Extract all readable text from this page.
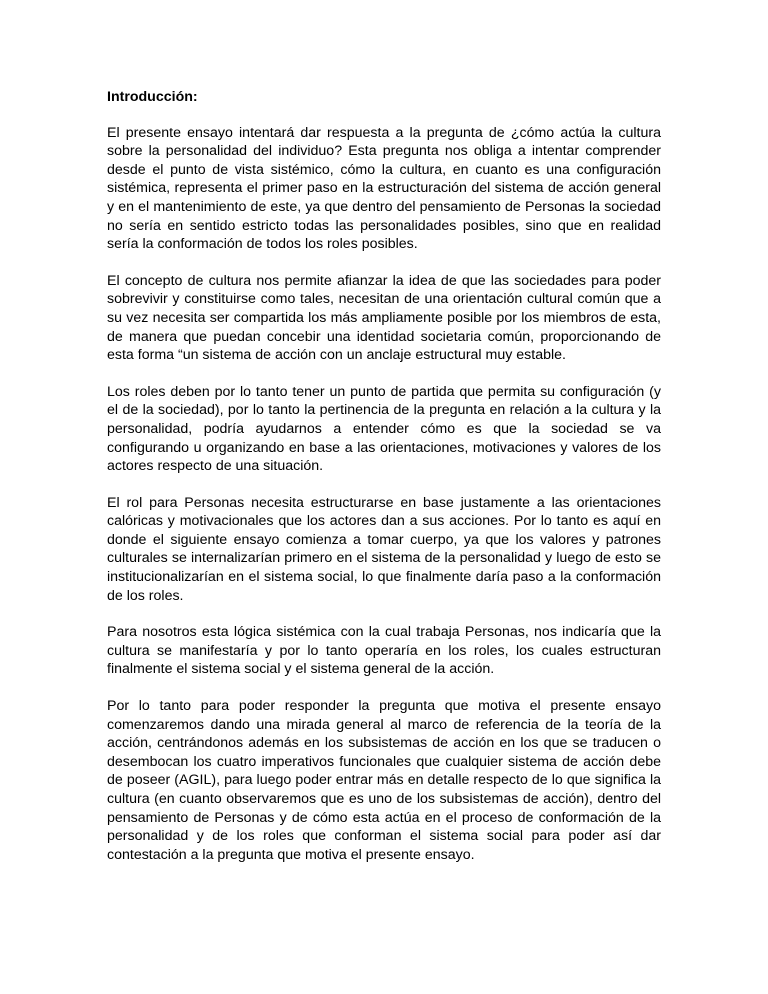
Introducción:

El presente ensayo intentará dar respuesta a la pregunta de ¿cómo actúa la cultura sobre la personalidad del individuo? Esta pregunta nos obliga a intentar comprender desde el punto de vista sistémico, cómo la cultura, en cuanto es una configuración sistémica, representa el primer paso en la estructuración del sistema de acción general y en el mantenimiento de este, ya que dentro del pensamiento de Personas la sociedad no sería en sentido estricto todas las personalidades posibles, sino que en realidad sería la conformación de todos los roles posibles.

El concepto de cultura nos permite afianzar la idea de que las sociedades para poder sobrevivir y constituirse como tales, necesitan de una orientación cultural común que a su vez necesita ser compartida los más ampliamente posible por los miembros de esta, de manera que puedan concebir una identidad societaria común, proporcionando de esta forma “un sistema de acción con un anclaje estructural muy estable.

Los roles deben por lo tanto tener un punto de partida que permita su configuración (y el de la sociedad), por lo tanto la pertinencia de la pregunta en relación a la cultura y la personalidad, podría ayudarnos a entender cómo es que la sociedad se va configurando u organizando en base a las orientaciones, motivaciones y valores de los actores respecto de una situación.

El rol para Personas necesita estructurarse en base justamente a las orientaciones calóricas y motivacionales que los actores dan a sus acciones. Por lo tanto es aquí en donde el siguiente ensayo comienza a tomar cuerpo, ya que los valores y patrones culturales se internalizarían primero en el sistema de la personalidad y luego de esto se institucionalizarían en el sistema social, lo que finalmente daría paso a la conformación de los roles.

Para nosotros esta lógica sistémica con la cual trabaja Personas, nos indicaría que la cultura se manifestaría y por lo tanto operaría en los roles, los cuales estructuran finalmente el sistema social y el sistema general de la acción.

Por lo tanto para poder responder la pregunta que motiva el presente ensayo comenzaremos dando una mirada general al marco de referencia de la teoría de la acción, centrándonos además en los subsistemas de acción en los que se traducen o desembocan los cuatro imperativos funcionales que cualquier sistema de acción debe de poseer (AGIL), para luego poder entrar más en detalle respecto de lo que significa la cultura (en cuanto observaremos que es uno de los subsistemas de acción), dentro del pensamiento de Personas y de cómo esta actúa en el proceso de conformación de la personalidad y de los roles que conforman el sistema social para poder así dar contestación a la pregunta que motiva el presente ensayo.
